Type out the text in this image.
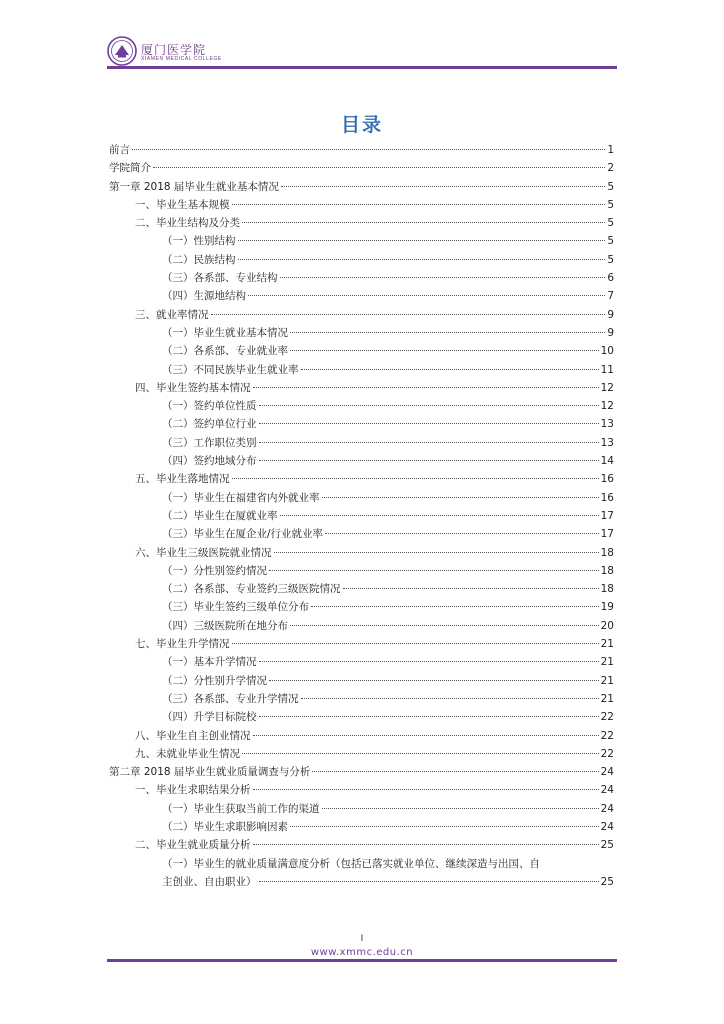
厦门医学院
XIAMEN MEDICAL COLLEGE
目录
前言	1
学院简介	2
第一章 2018 届毕业生就业基本情况	5
一、毕业生基本规模	5
二、毕业生结构及分类	5
（一）性别结构	5
（二）民族结构	5
（三）各系部、专业结构	6
（四）生源地结构	7
三、就业率情况	9
（一）毕业生就业基本情况	9
（二）各系部、专业就业率	10
（三）不同民族毕业生就业率	11
四、毕业生签约基本情况	12
（一）签约单位性质	12
（二）签约单位行业	13
（三）工作职位类别	13
（四）签约地域分布	14
五、毕业生落地情况	16
（一）毕业生在福建省内外就业率	16
（二）毕业生在厦就业率	17
（三）毕业生在厦企业/行业就业率	17
六、毕业生三级医院就业情况	18
（一）分性别签约情况	18
（二）各系部、专业签约三级医院情况	18
（三）毕业生签约三级单位分布	19
（四）三级医院所在地分布	20
七、毕业生升学情况	21
（一）基本升学情况	21
（二）分性别升学情况	21
（三）各系部、专业升学情况	21
（四）升学目标院校	22
八、毕业生自主创业情况	22
九、未就业毕业生情况	22
第二章 2018 届毕业生就业质量调查与分析	24
一、毕业生求职结果分析	24
（一）毕业生获取当前工作的渠道	24
（二）毕业生求职影响因素	24
二、毕业生就业质量分析	25
（一）毕业生的就业质量满意度分析（包括已落实就业单位、继续深造与出国、自
主创业、自由职业）	25
I
www.xmmc.edu.cn
